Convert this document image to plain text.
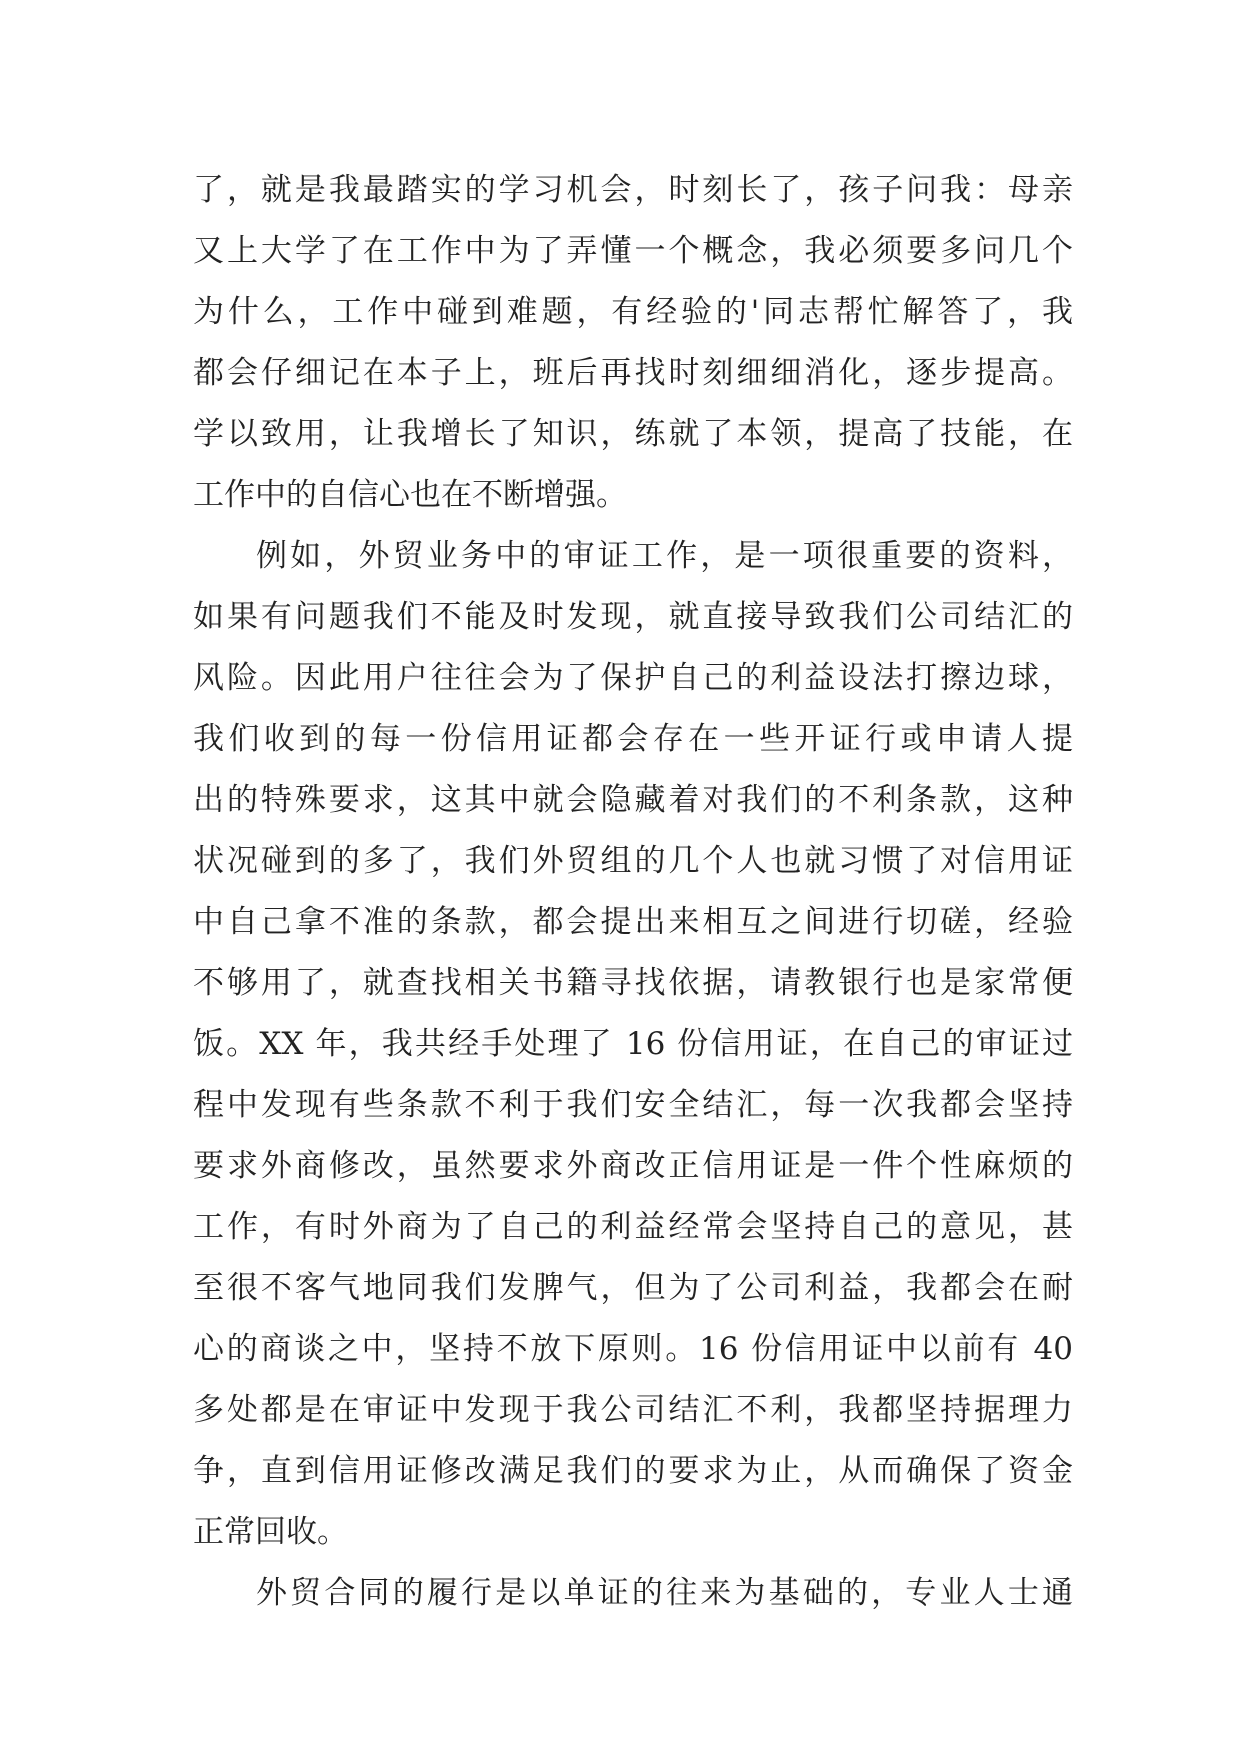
了，就是我最踏实的学习机会，时刻长了，孩子问我：母亲
又上大学了在工作中为了弄懂一个概念，我必须要多问几个
为什么，工作中碰到难题，有经验的'同志帮忙解答了，我
都会仔细记在本子上，班后再找时刻细细消化，逐步提高。
学以致用，让我增长了知识，练就了本领，提高了技能，在
工作中的自信心也在不断增强。
例如，外贸业务中的审证工作，是一项很重要的资料，
如果有问题我们不能及时发现，就直接导致我们公司结汇的
风险。因此用户往往会为了保护自己的利益设法打擦边球，
我们收到的每一份信用证都会存在一些开证行或申请人提
出的特殊要求，这其中就会隐藏着对我们的不利条款，这种
状况碰到的多了，我们外贸组的几个人也就习惯了对信用证
中自己拿不准的条款，都会提出来相互之间进行切磋，经验
不够用了，就查找相关书籍寻找依据，请教银行也是家常便
饭。XX 年，我共经手处理了 16 份信用证，在自己的审证过
程中发现有些条款不利于我们安全结汇，每一次我都会坚持
要求外商修改，虽然要求外商改正信用证是一件个性麻烦的
工作，有时外商为了自己的利益经常会坚持自己的意见，甚
至很不客气地同我们发脾气，但为了公司利益，我都会在耐
心的商谈之中，坚持不放下原则。16 份信用证中以前有 40
多处都是在审证中发现于我公司结汇不利，我都坚持据理力
争，直到信用证修改满足我们的要求为止，从而确保了资金
正常回收。
外贸合同的履行是以单证的往来为基础的，专业人士通
